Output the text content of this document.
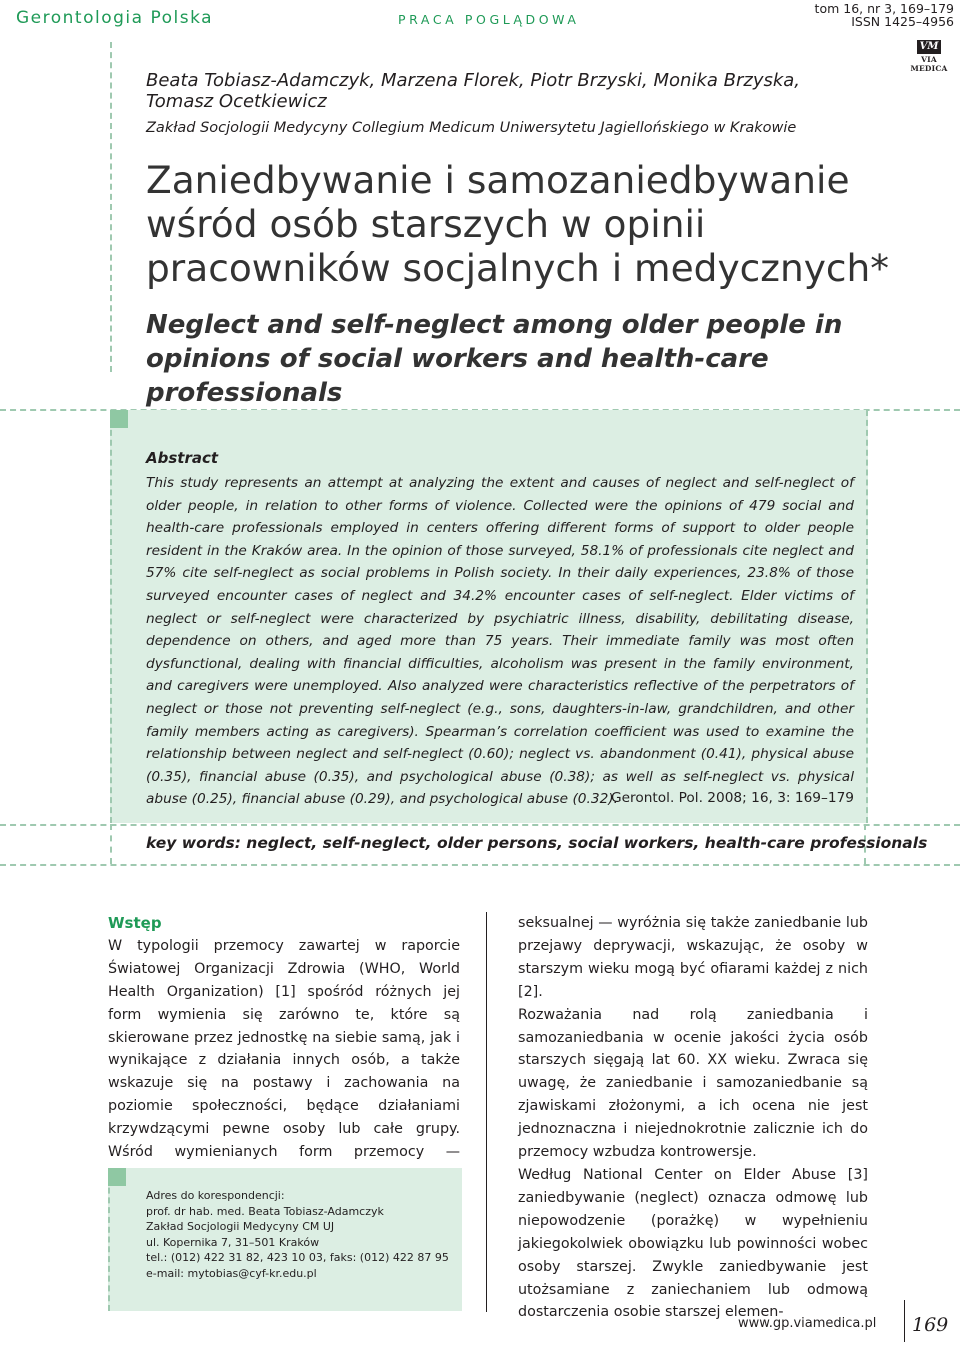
Gerontologia Polska	PRACA POGLĄDOWA
tom 16, nr 3, 169–179
ISSN 1425–4956
VM
VIA MEDICA
Beata Tobiasz-Adamczyk, Marzena Florek, Piotr Brzyski, Monika Brzyska, Tomasz Ocetkiewicz
Zakład Socjologii Medycyny Collegium Medicum Uniwersytetu Jagiellońskiego w Krakowie
Zaniedbywanie i samozaniedbywanie wśród osób starszych w opinii pracowników socjalnych i medycznych*
Neglect and self-neglect among older people in opinions of social workers and health-care professionals
Abstract
This study represents an attempt at analyzing the extent and causes of neglect and self-neglect of older people, in relation to other forms of violence. Collected were the opinions of 479 social and health-care professionals employed in centers offering different forms of support to older people resident in the Kraków area. In the opinion of those surveyed, 58.1% of professionals cite neglect and 57% cite self-neglect as social problems in Polish society. In their daily experiences, 23.8% of those surveyed encounter cases of neglect and 34.2% encounter cases of self-neglect. Elder victims of neglect or self-neglect were characterized by psychiatric illness, disability, debilitating disease, dependence on others, and aged more than 75 years. Their immediate family was most often dysfunctional, dealing with financial difficulties, alcoholism was present in the family environment, and caregivers were unemployed. Also analyzed were characteristics reflective of the perpetrators of neglect or those not preventing self-neglect (e.g., sons, daughters-in-law, grandchildren, and other family members acting as caregivers). Spearman’s correlation coefficient was used to examine the relationship between neglect and self-neglect (0.60); neglect vs. abandonment (0.41), physical abuse (0.35), financial abuse (0.35), and psychological abuse (0.38); as well as self-neglect vs. physical abuse (0.25), financial abuse (0.29), and psychological abuse (0.32).
Gerontol. Pol. 2008; 16, 3: 169–179
key words: neglect, self-neglect, older persons, social workers, health-care professionals
Wstęp
W typologii przemocy zawartej w raporcie Światowej Organizacji Zdrowia (WHO, World Health Organization) [1] spośród różnych jej form wymienia się zarówno te, które są skierowane przez jednostkę na siebie samą, jak i wynikające z działania innych osób, a także wskazuje się na postawy i zachowania na poziomie społeczności, będące działaniami krzywdzącymi pewne osoby lub całe grupy. Wśród wymienianych form przemocy —
seksualnej — wyróżnia się także zaniedbanie lub przejawy deprywacji, wskazując, że osoby w starszym wieku mogą być ofiarami każdej z nich [2].
Rozważania nad rolą zaniedbania i samozaniedbania w ocenie jakości życia osób starszych sięgają lat 60. XX wieku. Zwraca się uwagę, że zaniedbanie i samozaniedbanie są zjawiskami złożonymi, a ich ocena nie jest jednoznaczna i niejednokrotnie zalicznie ich do przemocy wzbudza kontrowersje.
Według National Center on Elder Abuse [3] zaniedbywanie (neglect) oznacza odmowę lub niepowodzenie (porażkę) w wypełnieniu jakiegokolwiek obowiązku lub powinności wobec osoby starszej. Zwykle zaniedbywanie jest utożsamiane z zaniechaniem lub odmową dostarczenia osobie starszej elemen-
Adres do korespondencji:
prof. dr hab. med. Beata Tobiasz-Adamczyk
Zakład Socjologii Medycyny CM UJ
ul. Kopernika 7, 31–501 Kraków
tel.: (012) 422 31 82, 423 10 03, faks: (012) 422 87 95
e-mail: mytobias@cyf-kr.edu.pl
www.gp.viamedica.pl 169
